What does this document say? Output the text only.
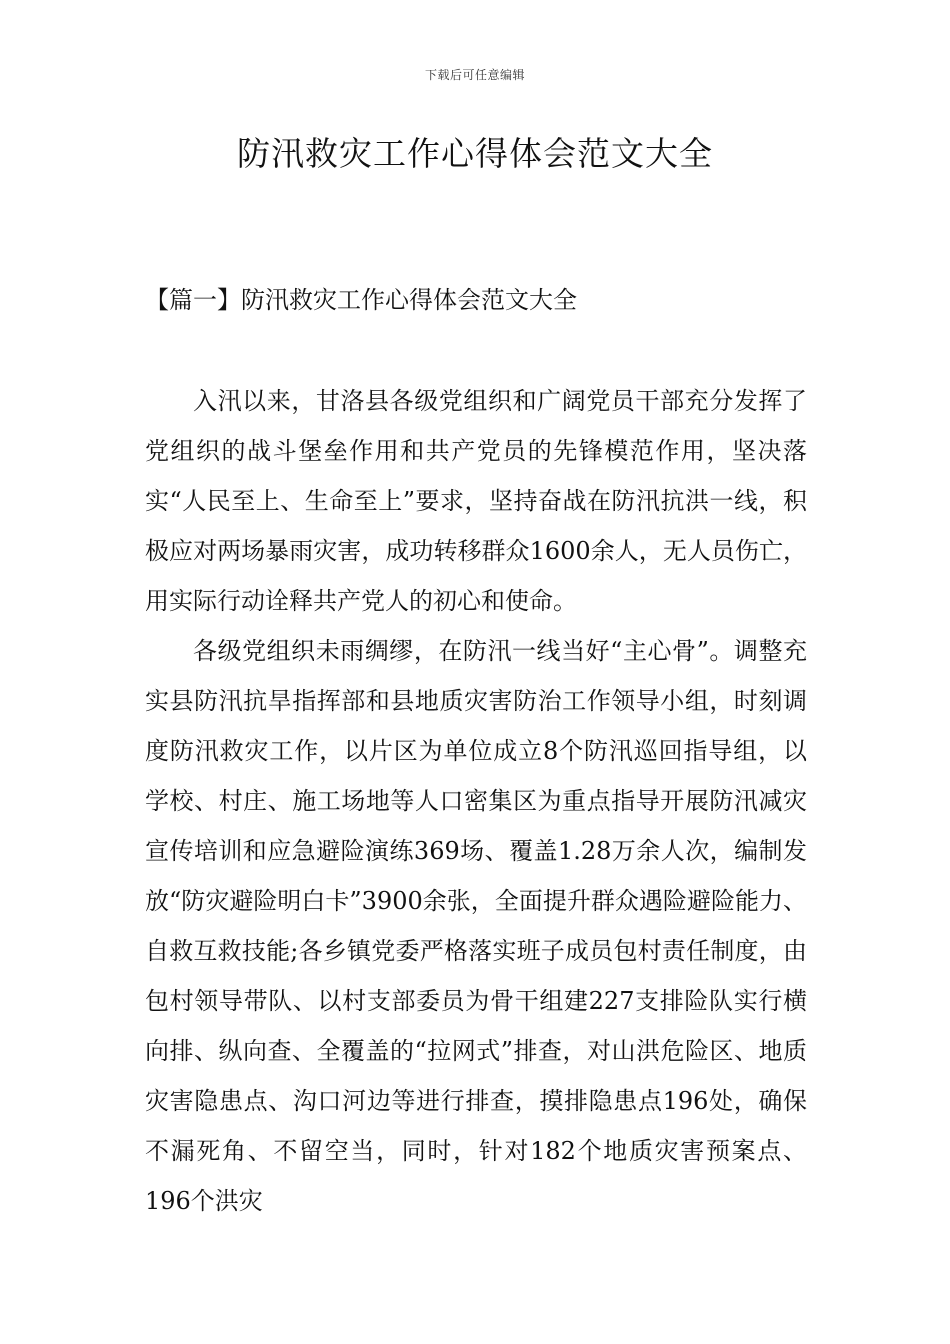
下载后可任意编辑
防汛救灾工作心得体会范文大全
【篇一】防汛救灾工作心得体会范文大全

入汛以来，甘洛县各级党组织和广阔党员干部充分发挥了党组织的战斗堡垒作用和共产党员的先锋模范作用，坚决落实“人民至上、生命至上”要求，坚持奋战在防汛抗洪一线，积极应对两场暴雨灾害，成功转移群众1600余人，无人员伤亡，用实际行动诠释共产党人的初心和使命。

各级党组织未雨绸缪，在防汛一线当好“主心骨”。调整充实县防汛抗旱指挥部和县地质灾害防治工作领导小组，时刻调度防汛救灾工作，以片区为单位成立8个防汛巡回指导组，以学校、村庄、施工场地等人口密集区为重点指导开展防汛减灾宣传培训和应急避险演练369场、覆盖1.28万余人次，编制发放“防灾避险明白卡”3900余张，全面提升群众遇险避险能力、自救互救技能;各乡镇党委严格落实班子成员包村责任制度，由包村领导带队、以村支部委员为骨干组建227支排险队实行横向排、纵向查、全覆盖的“拉网式”排查，对山洪危险区、地质灾害隐患点、沟口河边等进行排查，摸排隐患点196处，确保不漏死角、不留空当，同时，针对182个地质灾害预案点、196个洪灾
